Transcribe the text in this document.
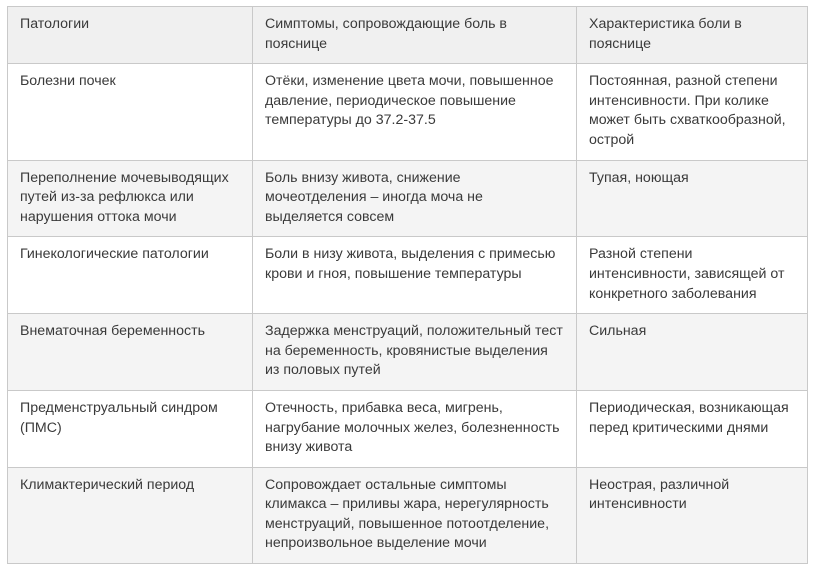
Патологии	Симптомы, сопровождающие боль в пояснице	Характеристика боли в пояснице
Болезни почек	Отёки, изменение цвета мочи, повышенное давление, периодическое повышение температуры до 37.2-37.5	Постоянная, разной степени интенсивности. При колике может быть схваткообразной, острой
Переполнение мочевыводящих путей из-за рефлюкса или нарушения оттока мочи	Боль внизу живота, снижение мочеотделения – иногда моча не выделяется совсем	Тупая, ноющая
Гинекологические патологии	Боли в низу живота, выделения с примесью крови и гноя, повышение температуры	Разной степени интенсивности, зависящей от конкретного заболевания
Внематочная беременность	Задержка менструаций, положительный тест на беременность, кровянистые выделения из половых путей	Сильная
Предменструальный синдром (ПМС)	Отечность, прибавка веса, мигрень, нагрубание молочных желез, болезненность внизу живота	Периодическая, возникающая перед критическими днями
Климактерический период	Сопровождает остальные симптомы климакса – приливы жара, нерегулярность менструаций, повышенное потоотделение, непроизвольное выделение мочи	Неострая, различной интенсивности
